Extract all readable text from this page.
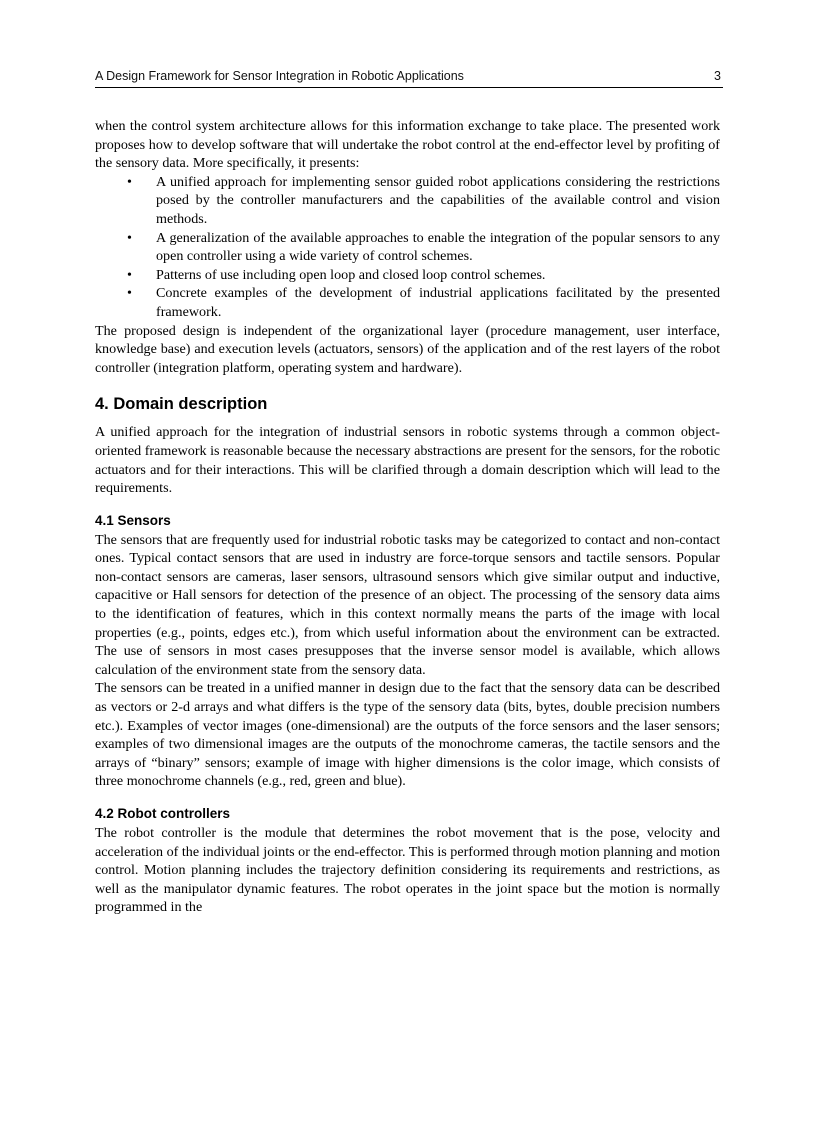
A Design Framework for Sensor Integration in Robotic Applications	3

when the control system architecture allows for this information exchange to take place. The presented work proposes how to develop software that will undertake the robot control at the end-effector level by profiting of the sensory data. More specifically, it presents:

• A unified approach for implementing sensor guided robot applications considering the restrictions posed by the controller manufacturers and the capabilities of the available control and vision methods.
• A generalization of the available approaches to enable the integration of the popular sensors to any open controller using a wide variety of control schemes.
• Patterns of use including open loop and closed loop control schemes.
• Concrete examples of the development of industrial applications facilitated by the presented framework.

The proposed design is independent of the organizational layer (procedure management, user interface, knowledge base) and execution levels (actuators, sensors) of the application and of the rest layers of the robot controller (integration platform, operating system and hardware).

4. Domain description

A unified approach for the integration of industrial sensors in robotic systems through a common object-oriented framework is reasonable because the necessary abstractions are present for the sensors, for the robotic actuators and for their interactions. This will be clarified through a domain description which will lead to the requirements.

4.1 Sensors

The sensors that are frequently used for industrial robotic tasks may be categorized to contact and non-contact ones. Typical contact sensors that are used in industry are force-torque sensors and tactile sensors. Popular non-contact sensors are cameras, laser sensors, ultrasound sensors which give similar output and inductive, capacitive or Hall sensors for detection of the presence of an object. The processing of the sensory data aims to the identification of features, which in this context normally means the parts of the image with local properties (e.g., points, edges etc.), from which useful information about the environment can be extracted. The use of sensors in most cases presupposes that the inverse sensor model is available, which allows calculation of the environment state from the sensory data.

The sensors can be treated in a unified manner in design due to the fact that the sensory data can be described as vectors or 2-d arrays and what differs is the type of the sensory data (bits, bytes, double precision numbers etc.). Examples of vector images (one-dimensional) are the outputs of the force sensors and the laser sensors; examples of two dimensional images are the outputs of the monochrome cameras, the tactile sensors and the arrays of “binary” sensors; example of image with higher dimensions is the color image, which consists of three monochrome channels (e.g., red, green and blue).

4.2 Robot controllers

The robot controller is the module that determines the robot movement that is the pose, velocity and acceleration of the individual joints or the end-effector. This is performed through motion planning and motion control. Motion planning includes the trajectory definition considering its requirements and restrictions, as well as the manipulator dynamic features. The robot operates in the joint space but the motion is normally programmed in the
